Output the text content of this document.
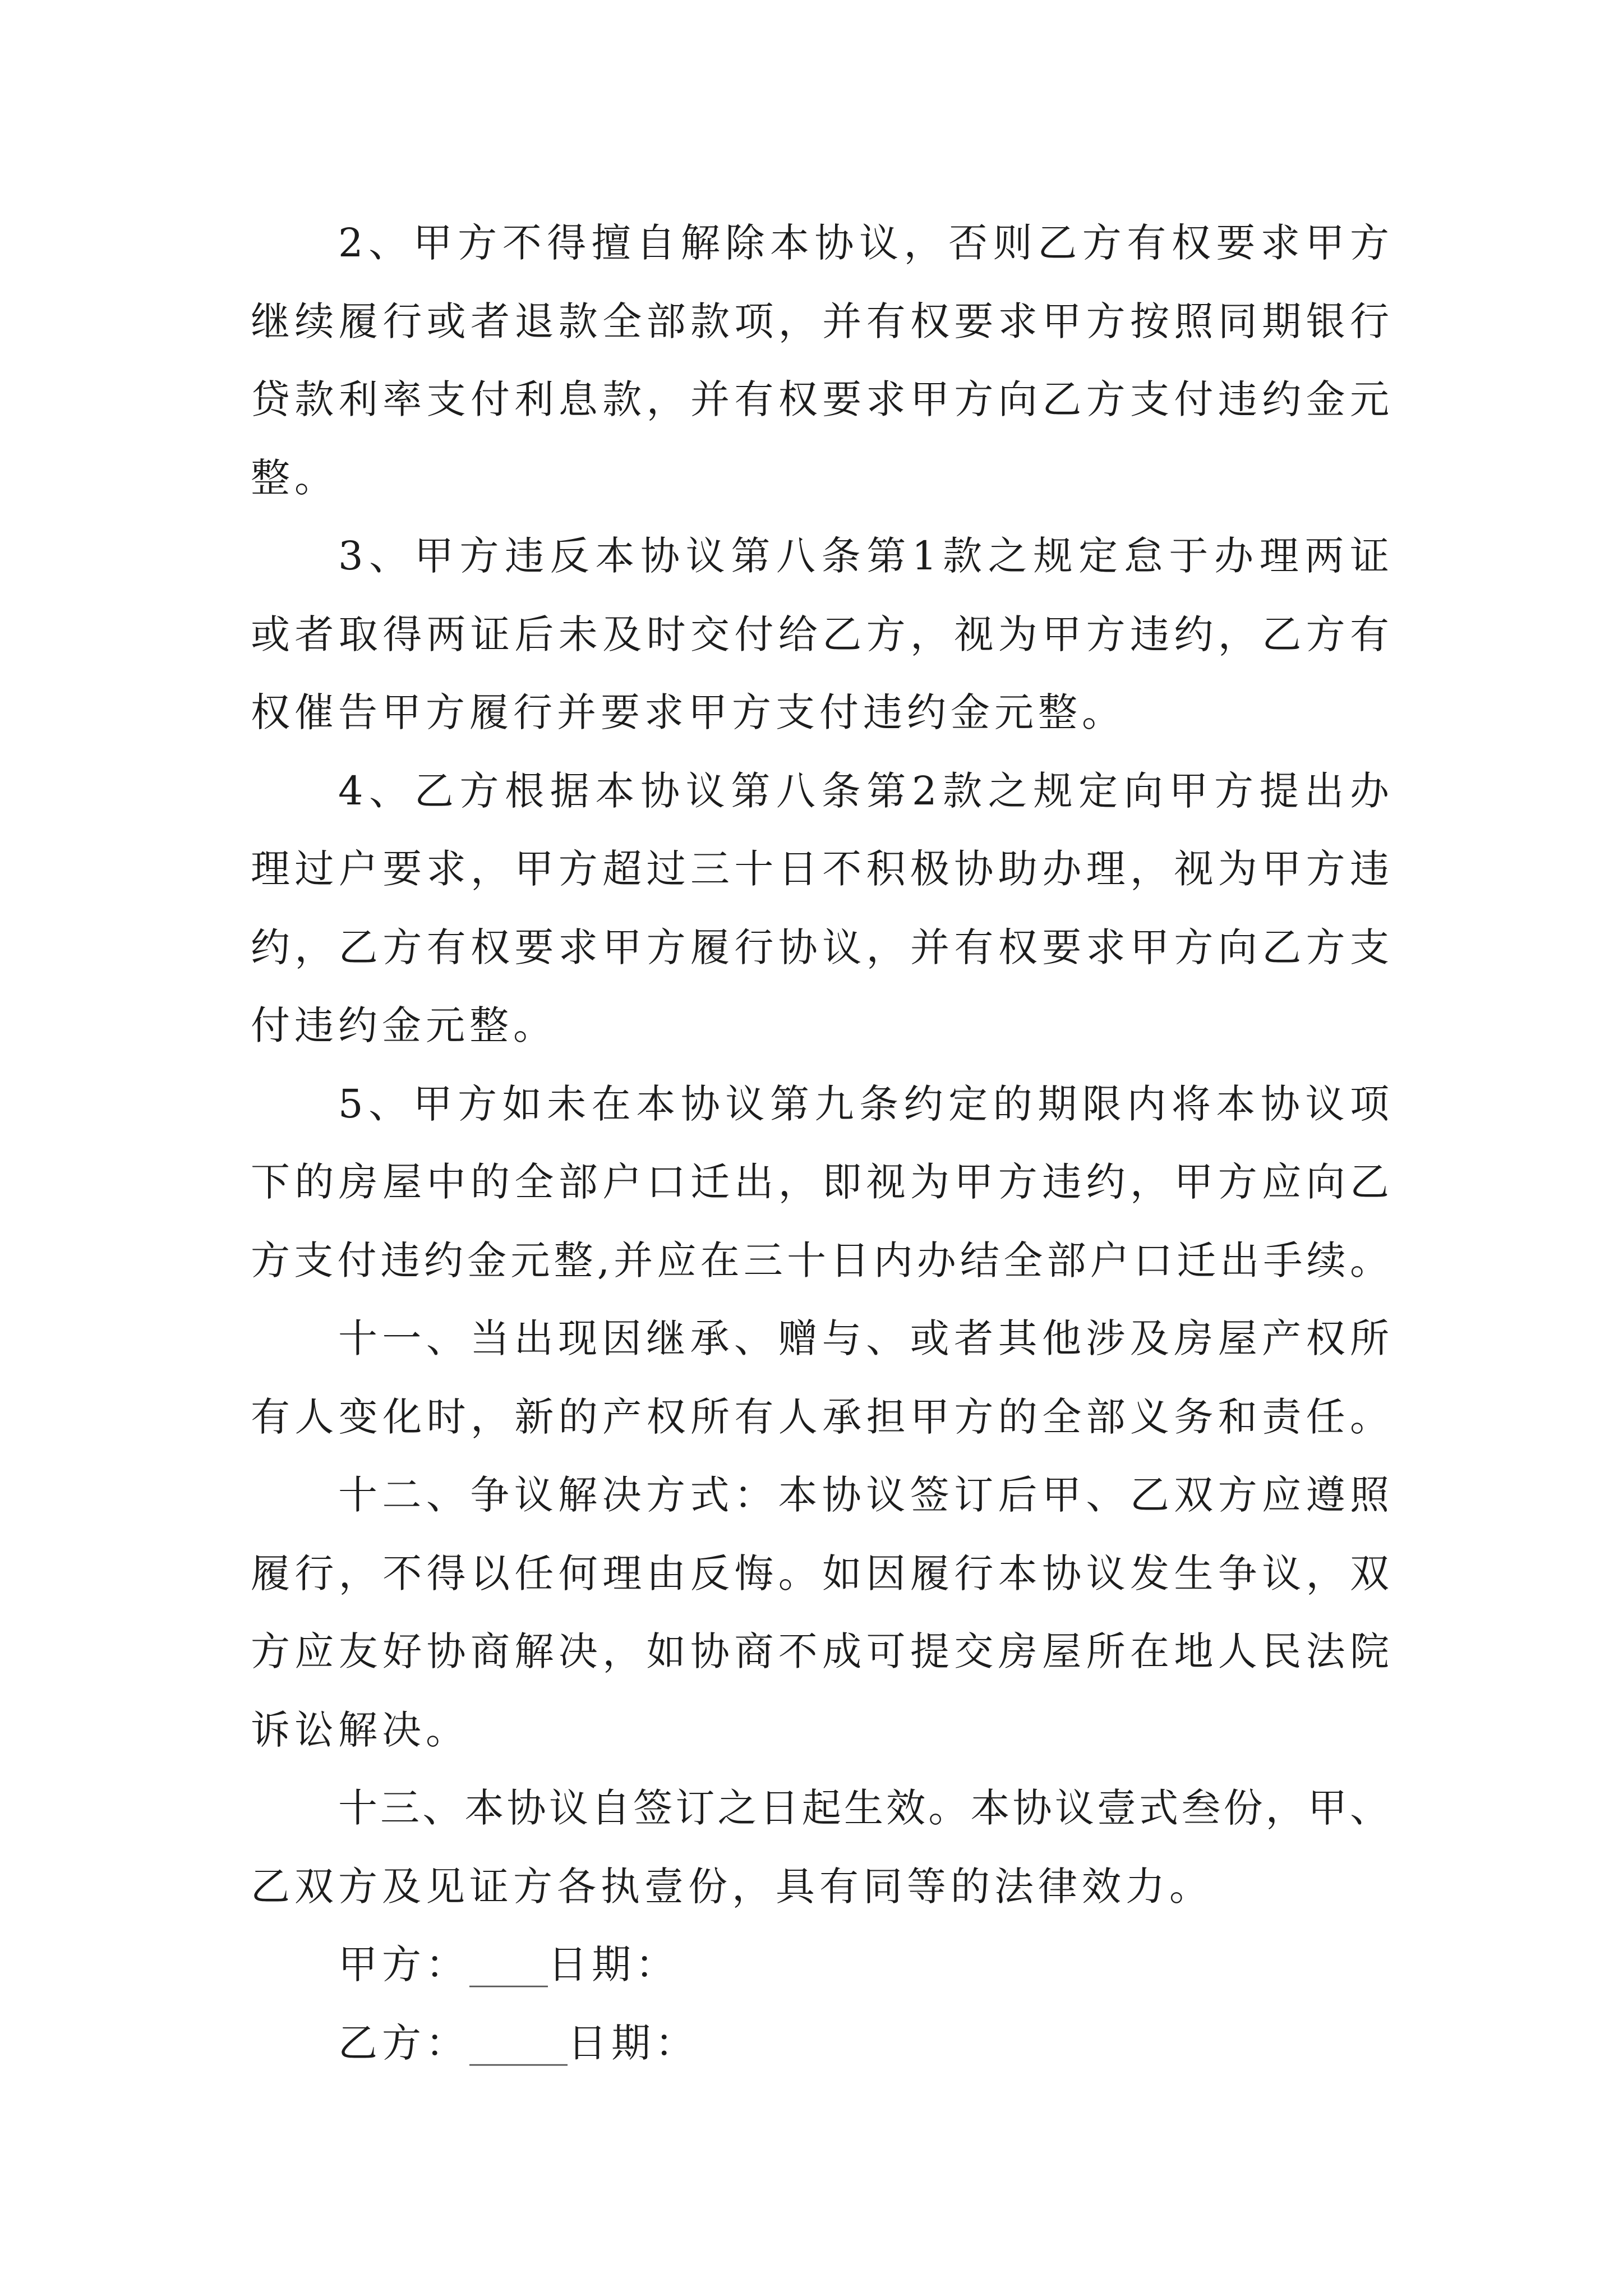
2、甲方不得擅自解除本协议，否则乙方有权要求甲方
继续履行或者退款全部款项，并有权要求甲方按照同期银行
贷款利率支付利息款，并有权要求甲方向乙方支付违约金元
整。
3、甲方违反本协议第八条第1款之规定怠于办理两证
或者取得两证后未及时交付给乙方，视为甲方违约，乙方有
权催告甲方履行并要求甲方支付违约金元整。
4、乙方根据本协议第八条第2款之规定向甲方提出办
理过户要求，甲方超过三十日不积极协助办理，视为甲方违
约，乙方有权要求甲方履行协议，并有权要求甲方向乙方支
付违约金元整。
5、甲方如未在本协议第九条约定的期限内将本协议项
下的房屋中的全部户口迁出，即视为甲方违约，甲方应向乙
方支付违约金元整,并应在三十日内办结全部户口迁出手续。
十一、当出现因继承、赠与、或者其他涉及房屋产权所
有人变化时，新的产权所有人承担甲方的全部义务和责任。
十二、争议解决方式：本协议签订后甲、乙双方应遵照
履行，不得以任何理由反悔。如因履行本协议发生争议，双
方应友好协商解决，如协商不成可提交房屋所在地人民法院
诉讼解决。
十三、本协议自签订之日起生效。本协议壹式叁份，甲、
乙双方及见证方各执壹份，具有同等的法律效力。
甲方：____日期：
乙方：_____日期：
